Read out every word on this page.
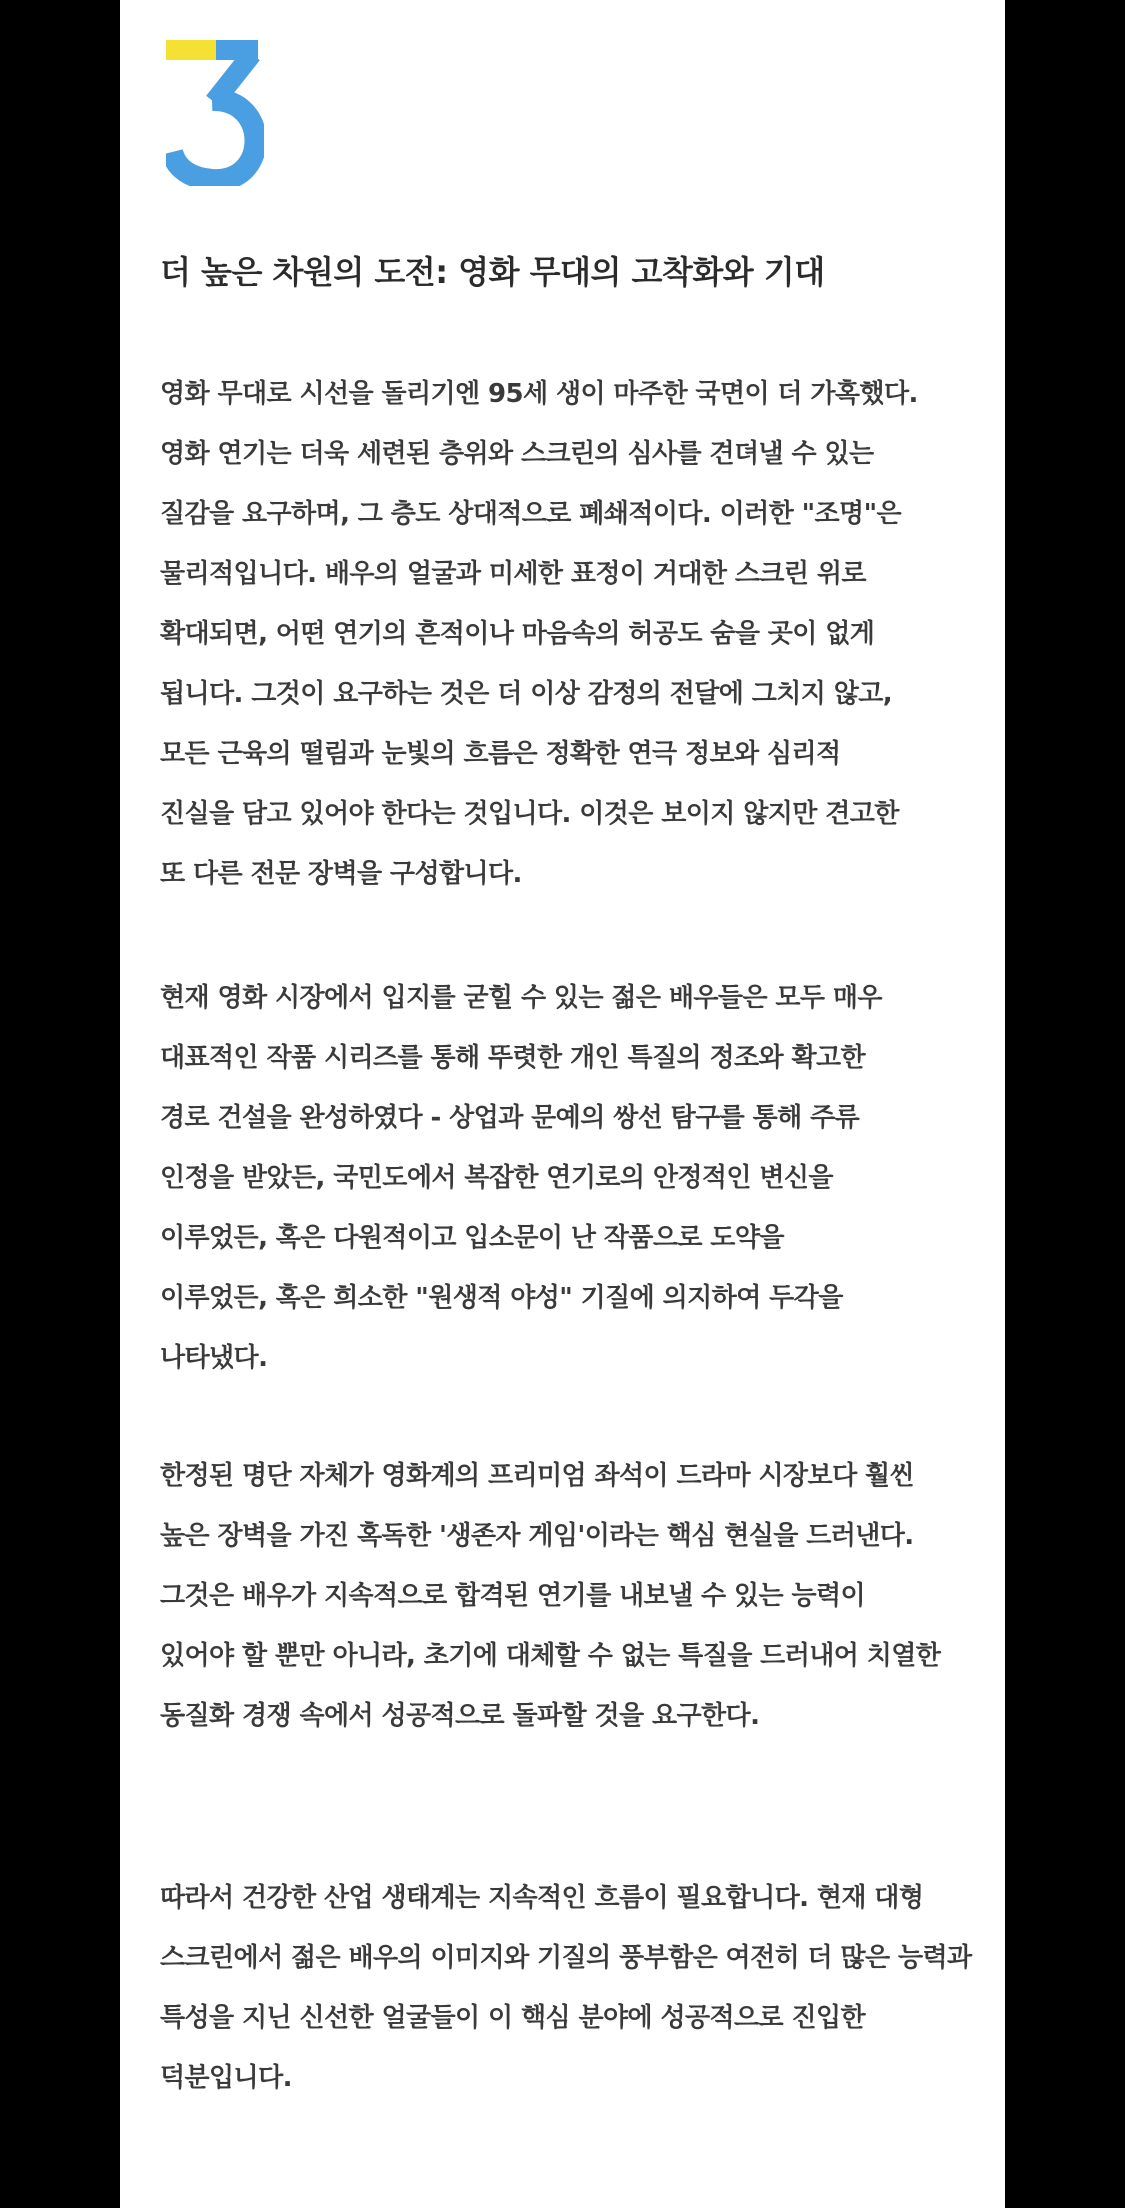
더 높은 차원의 도전: 영화 무대의 고착화와 기대
영화 무대로 시선을 돌리기엔 95세 생이 마주한 국면이 더 가혹했다.
영화 연기는 더욱 세련된 층위와 스크린의 심사를 견뎌낼 수 있는
질감을 요구하며, 그 층도 상대적으로 폐쇄적이다. 이러한 "조명"은
물리적입니다. 배우의 얼굴과 미세한 표정이 거대한 스크린 위로
확대되면, 어떤 연기의 흔적이나 마음속의 허공도 숨을 곳이 없게
됩니다. 그것이 요구하는 것은 더 이상 감정의 전달에 그치지 않고,
모든 근육의 떨림과 눈빛의 흐름은 정확한 연극 정보와 심리적
진실을 담고 있어야 한다는 것입니다. 이것은 보이지 않지만 견고한
또 다른 전문 장벽을 구성합니다.
현재 영화 시장에서 입지를 굳힐 수 있는 젊은 배우들은 모두 매우
대표적인 작품 시리즈를 통해 뚜렷한 개인 특질의 정조와 확고한
경로 건설을 완성하였다 - 상업과 문예의 쌍선 탐구를 통해 주류
인정을 받았든, 국민도에서 복잡한 연기로의 안정적인 변신을
이루었든, 혹은 다원적이고 입소문이 난 작품으로 도약을
이루었든, 혹은 희소한 "원생적 야성" 기질에 의지하여 두각을
나타냈다.
한정된 명단 자체가 영화계의 프리미엄 좌석이 드라마 시장보다 훨씬
높은 장벽을 가진 혹독한 '생존자 게임'이라는 핵심 현실을 드러낸다.
그것은 배우가 지속적으로 합격된 연기를 내보낼 수 있는 능력이
있어야 할 뿐만 아니라, 초기에 대체할 수 없는 특질을 드러내어 치열한
동질화 경쟁 속에서 성공적으로 돌파할 것을 요구한다.
따라서 건강한 산업 생태계는 지속적인 흐름이 필요합니다. 현재 대형
스크린에서 젊은 배우의 이미지와 기질의 풍부함은 여전히 더 많은 능력과
특성을 지닌 신선한 얼굴들이 이 핵심 분야에 성공적으로 진입한
덕분입니다.
